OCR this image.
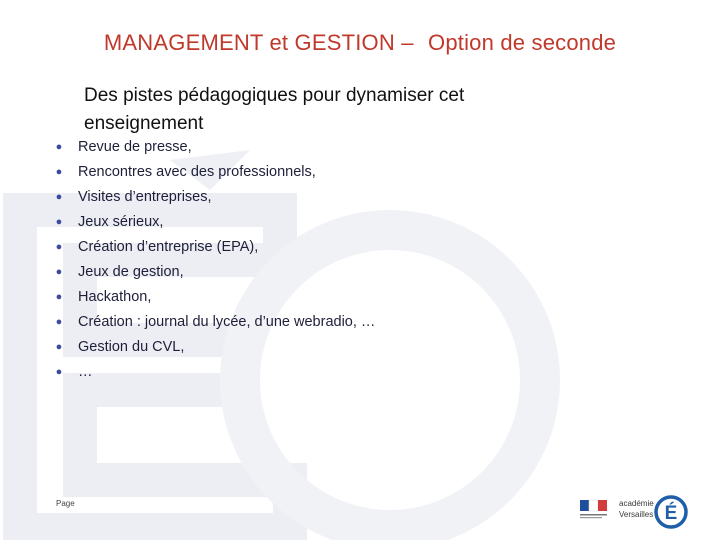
MANAGEMENT et GESTION – Option de seconde
Des pistes pédagogiques pour dynamiser cet enseignement
● Revue de presse,
● Rencontres avec des professionnels,
● Visites d’entreprises,
● Jeux sérieux,
● Création d’entreprise (EPA),
● Jeux de gestion,
● Hackathon,
● Création : journal du lycée, d’une webradio, …
● Gestion du CVL,
● …
Page	académie
Versailles É
